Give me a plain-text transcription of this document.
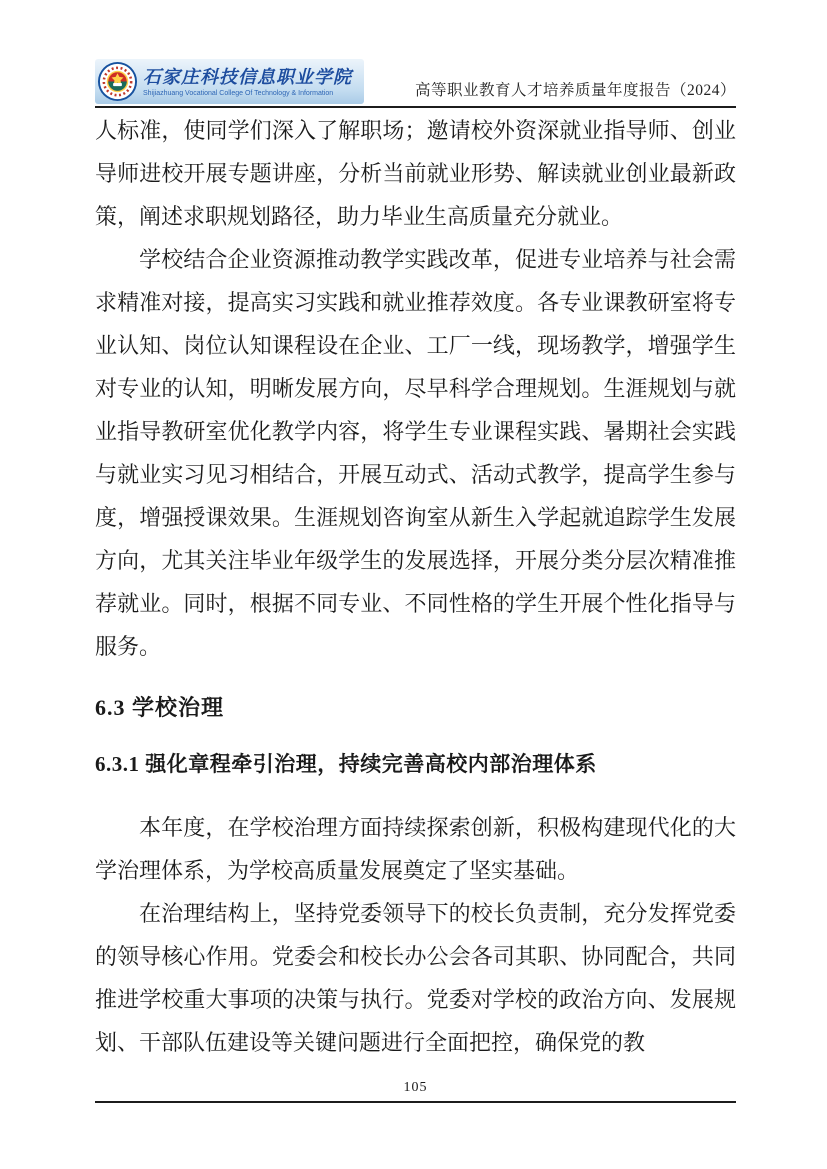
石家庄科技信息职业学院
Shijiazhuang Vocational College Of Technology & Information	高等职业教育人才培养质量年度报告（2024）

人标准，使同学们深入了解职场；邀请校外资深就业指导师、创业导师进校开展专题讲座，分析当前就业形势、解读就业创业最新政策，阐述求职规划路径，助力毕业生高质量充分就业。

学校结合企业资源推动教学实践改革，促进专业培养与社会需求精准对接，提高实习实践和就业推荐效度。各专业课教研室将专业认知、岗位认知课程设在企业、工厂一线，现场教学，增强学生对专业的认知，明晰发展方向，尽早科学合理规划。生涯规划与就业指导教研室优化教学内容，将学生专业课程实践、暑期社会实践与就业实习见习相结合，开展互动式、活动式教学，提高学生参与度，增强授课效果。生涯规划咨询室从新生入学起就追踪学生发展方向，尤其关注毕业年级学生的发展选择，开展分类分层次精准推荐就业。同时，根据不同专业、不同性格的学生开展个性化指导与服务。

6.3 学校治理
6.3.1 强化章程牵引治理，持续完善高校内部治理体系

本年度，在学校治理方面持续探索创新，积极构建现代化的大学治理体系，为学校高质量发展奠定了坚实基础。

在治理结构上，坚持党委领导下的校长负责制，充分发挥党委的领导核心作用。党委会和校长办公会各司其职、协同配合，共同推进学校重大事项的决策与执行。党委对学校的政治方向、发展规划、干部队伍建设等关键问题进行全面把控，确保党的教

105
